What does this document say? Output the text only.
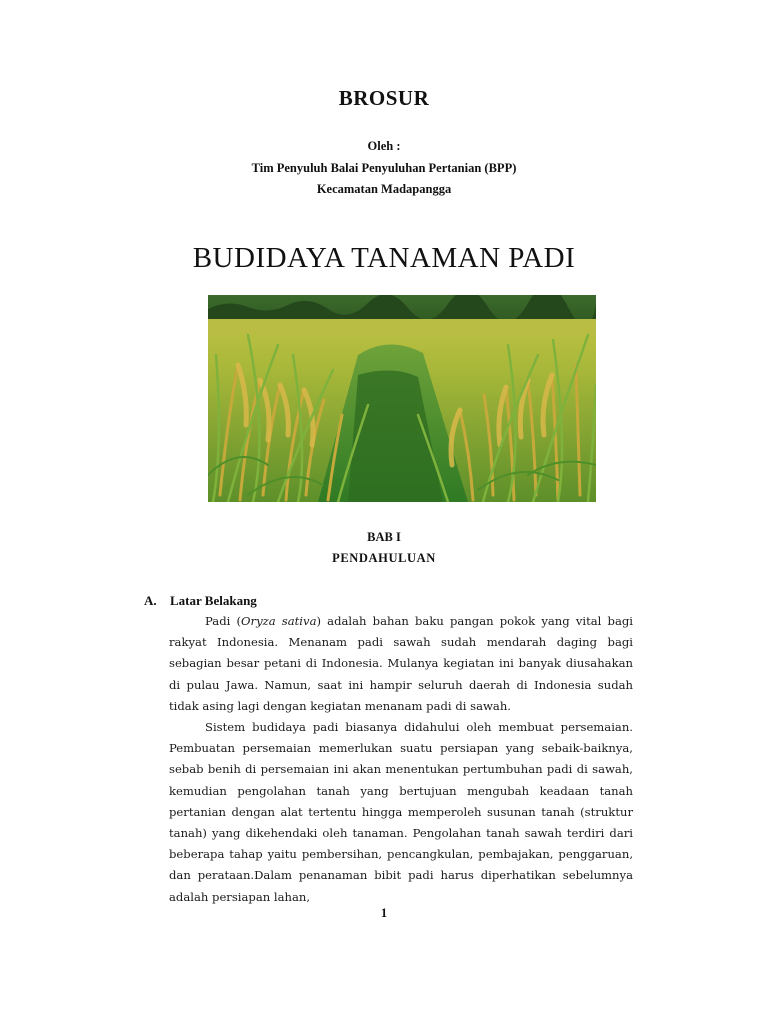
BROSUR
Oleh :
Tim Penyuluh Balai Penyuluhan Pertanian (BPP)
Kecamatan Madapangga
BUDIDAYA TANAMAN PADI
BAB I
PENDAHULUAN
A. Latar Belakang

Padi (Oryza sativa) adalah bahan baku pangan pokok yang vital bagi rakyat Indonesia. Menanam padi sawah sudah mendarah daging bagi sebagian besar petani di Indonesia. Mulanya kegiatan ini banyak diusahakan di pulau Jawa. Namun, saat ini hampir seluruh daerah di Indonesia sudah tidak asing lagi dengan kegiatan menanam padi di sawah.

Sistem budidaya padi biasanya didahului oleh membuat persemaian. Pembuatan persemaian memerlukan suatu persiapan yang sebaik-baiknya, sebab benih di persemaian ini akan menentukan pertumbuhan padi di sawah, kemudian pengolahan tanah yang bertujuan mengubah keadaan tanah pertanian dengan alat tertentu hingga memperoleh susunan tanah (struktur tanah) yang dikehendaki oleh tanaman. Pengolahan tanah sawah terdiri dari beberapa tahap yaitu pembersihan, pencangkulan, pembajakan, penggaruan, dan perataan.Dalam penanaman bibit padi harus diperhatikan sebelumnya adalah persiapan lahan,

1
